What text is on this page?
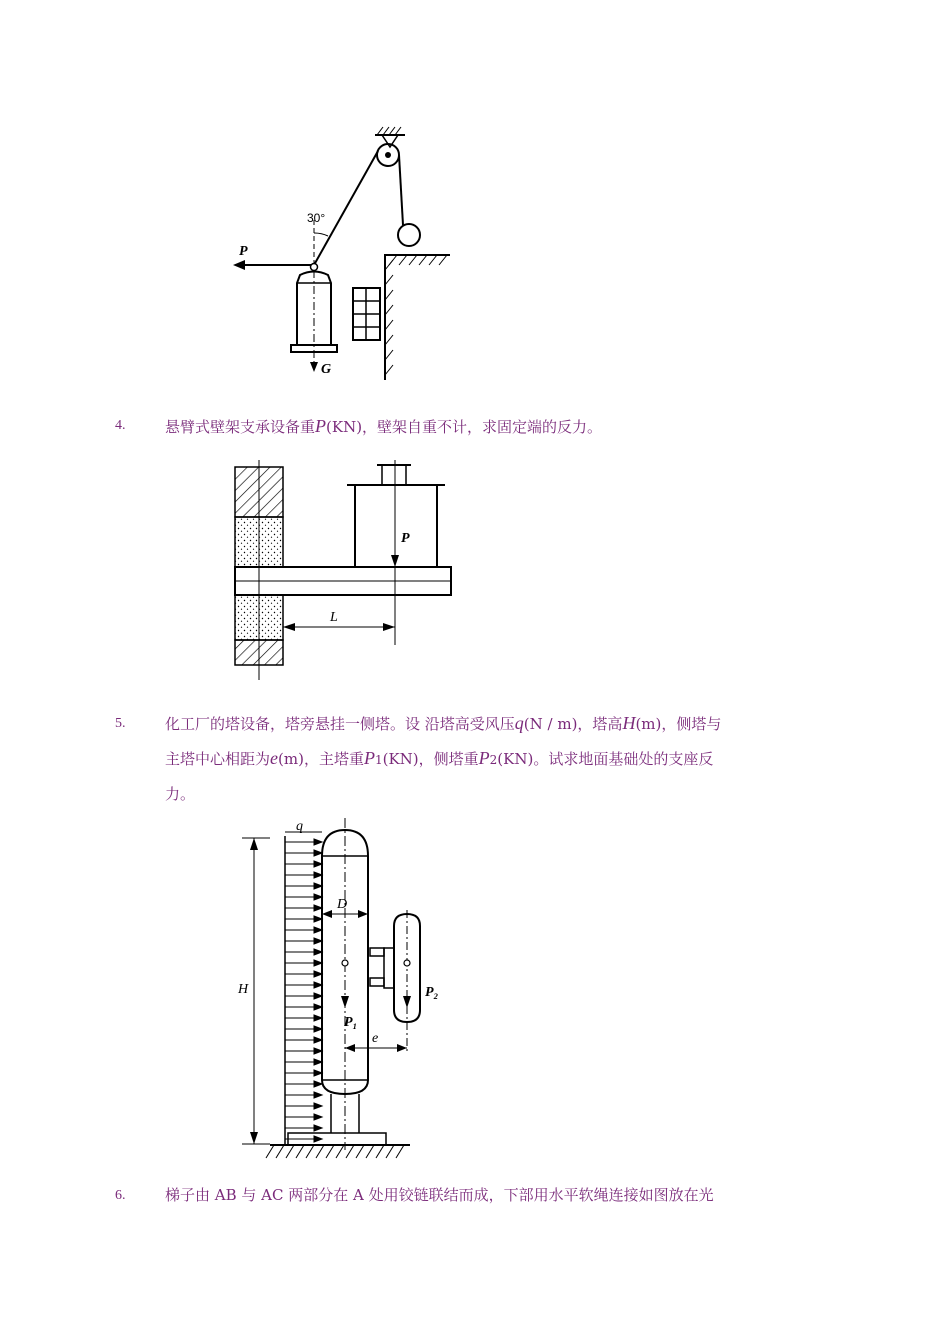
30°
P
G
4.	悬臂式壁架支承设备重P(KN)，壁架自重不计，求固定端的反力。
P
L
5.	化工厂的塔设备，塔旁悬挂一侧塔。设 沿塔高受风压q(N / m)，塔高H(m)，侧塔与
主塔中心相距为e(m)，主塔重P1(KN)，侧塔重P2(KN)。试求地面基础处的支座反
力。
H
q
D
P₁
P₂
e
6.	梯子由 AB 与 AC 两部分在 A 处用铰链联结而成，下部用水平软绳连接如图放在光
